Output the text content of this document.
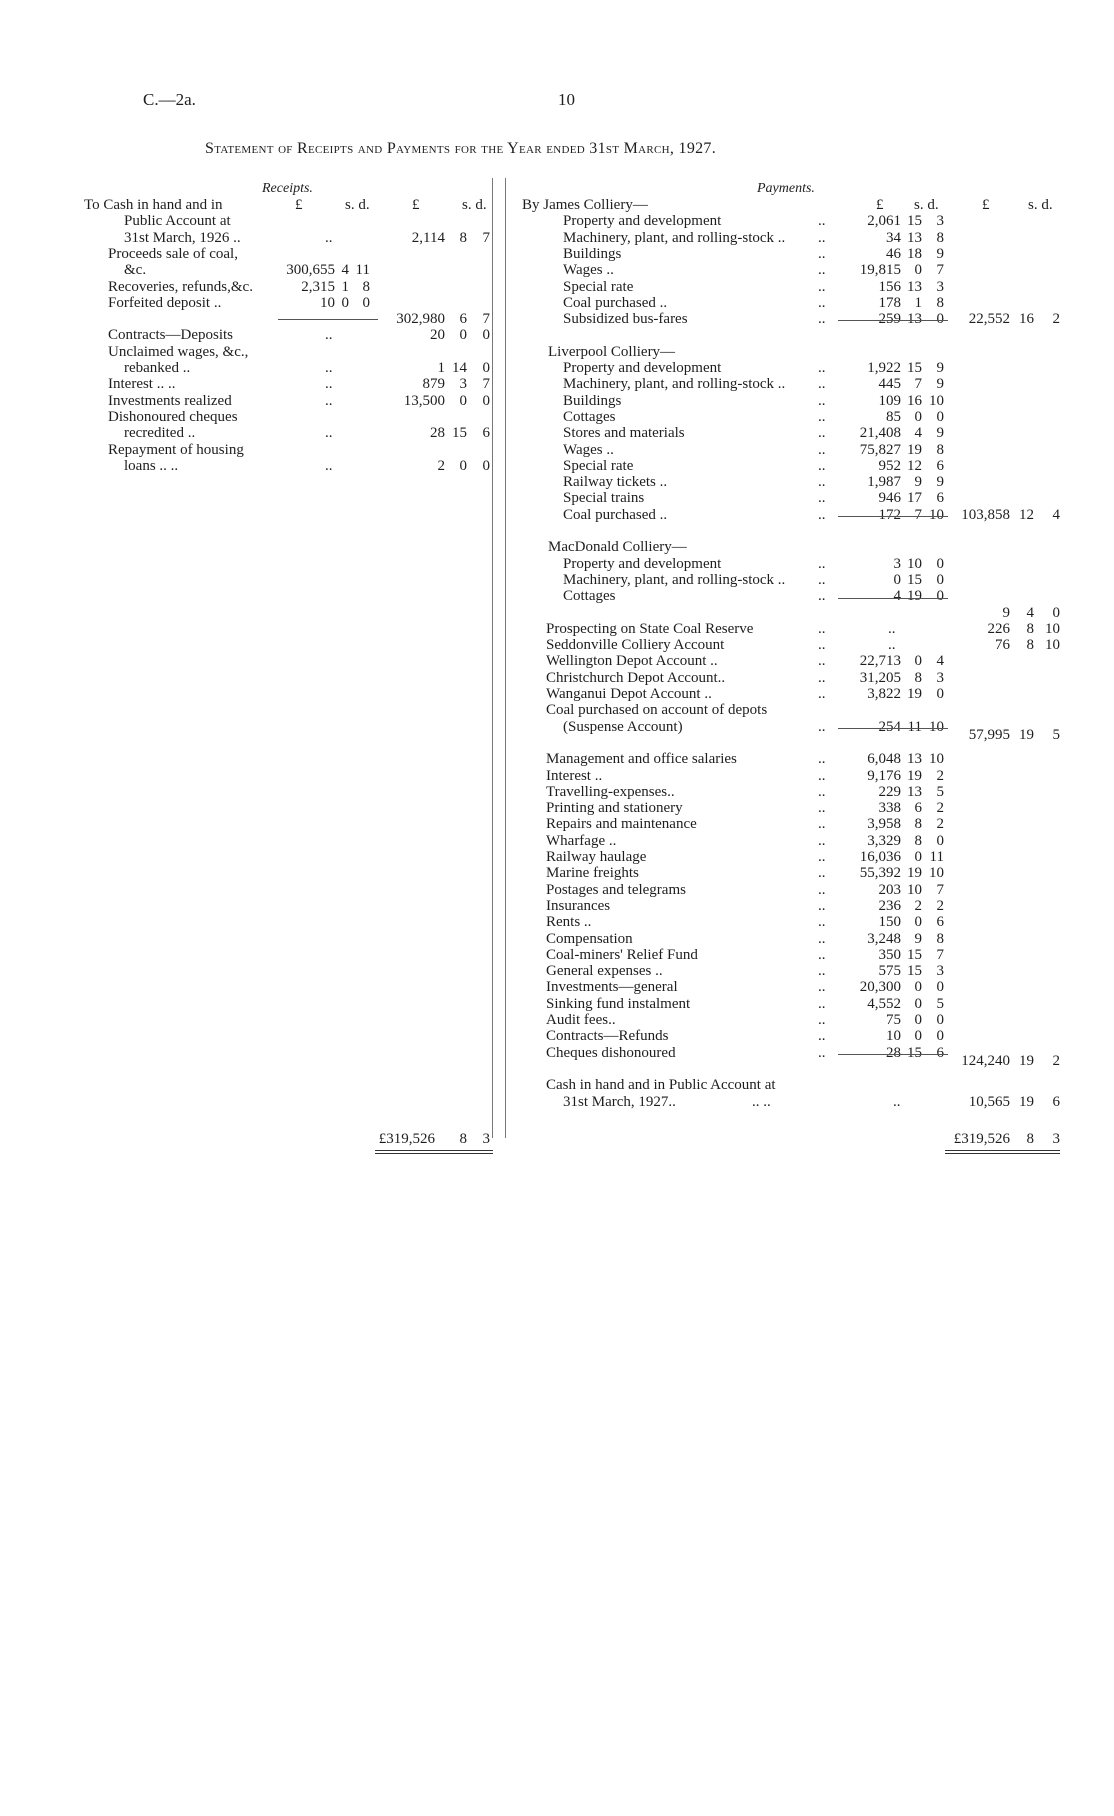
C.—2a.	10
Statement of Receipts and Payments for the Year ended 31st March, 1927.
Receipts.
£	s. d.	£	s. d.
To Cash in hand and in
Public Account at
31st March, 1926 ..	..	2,114 8	7
Proceeds sale of coal,
&c.	300,655 4 11
Recoveries, refunds,&c.	2,315 1 8
Forfeited deposit ..	10 0 0
302,980 6	7
Contracts—Deposits	..	20 0	0
Unclaimed wages, &c.,
rebanked ..	..	1 14	0
Interest .. ..	..	879 3	7
Investments realized	..	13,500 0	0
Dishonoured cheques
recredited ..	..	28 15	6
Repayment of housing
loans .. ..	..	2 0	0
£319,526	8	3
Payments.
£ s. d.	£	s. d.
By James Colliery—
Property and development	..	2,061 15 3
Machinery, plant, and rolling-stock .. ..	34 13 8
Buildings	..	46 18 9
Wages ..	..	19,815 0 7
Special rate	..	156 13 3
Coal purchased ..	..	178 1 8
Subsidized bus-fares	..	259 13 0	22,552 16	2
Liverpool Colliery—
Property and development	..	1,922 15 9
Machinery, plant, and rolling-stock .. ..	445 7 9
Buildings	..	109 16 10
Cottages	..	85 0 0
Stores and materials	..	21,408 4 9
Wages ..	..	75,827 19 8
Special rate	..	952 12 6
Railway tickets ..	..	1,987 9 9
Special trains	..	946 17 6
Coal purchased ..	..	172 7 10	103,858 12	4
MacDonald Colliery—
Property and development	..	3 10 0
Machinery, plant, and rolling-stock .. ..	0 15 0
Cottages	..	4 19 0
9	4	0
Prospecting on State Coal Reserve	..	..	226	8 10
Seddonville Colliery Account	..	..	76	8 10
Wellington Depot Account ..	..	22,713 0 4
Christchurch Depot Account..	..	31,205 8 3
Wanganui Depot Account ..	..	3,822 19 0
Coal purchased on account of depots
(Suspense Account)	..	254 11 10
57,995 19	5
Management and office salaries	..	6,048 13 10
Interest ..	..	9,176 19 2
Travelling-expenses..	..	229 13 5
Printing and stationery	..	338 6 2
Repairs and maintenance	..	3,958 8 2
Wharfage ..	..	3,329 8 0
Railway haulage	..	16,036 0 11
Marine freights	..	55,392 19 10
Postages and telegrams	..	203 10 7
Insurances	..	236 2 2
Rents ..	..	150 0 6
Compensation	..	3,248 9 8
Coal-miners' Relief Fund	..	350 15 7
General expenses ..	..	575 15 3
Investments—general	..	20,300 0 0
Sinking fund instalment	..	4,552 0 5
Audit fees..	..	75 0 0
Contracts—Refunds	..	10 0 0
Cheques dishonoured	..	28 15 6
124,240 19	2
Cash in hand and in Public Account at
31st March, 1927..	.. ..	..	10,565 19	6
£319,526	8	3
